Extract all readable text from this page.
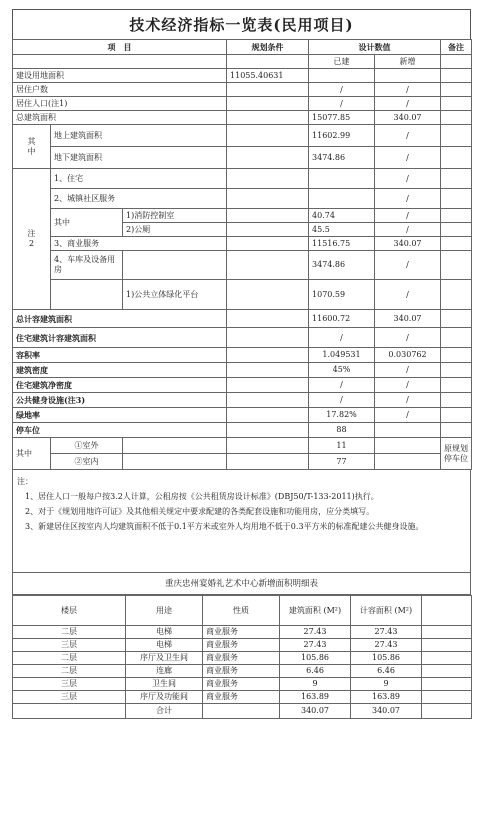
技术经济指标一览表(民用项目)
项　目			规划条件	设计数值		备注
				已建	新增	
建设用地面积			11055.40631			
居住户数				/	/	
居住人口(注1)				/	/	
总建筑面积				15077.85	340.07	
其
中	地上建筑面积			11602.99	/	
	地下建筑面积			3474.86	/	
注
2	1、住宅				/	
	2、城镇社区服务				/	
	其中	1)消防控制室		40.74	/	
		2)公厕		45.5	/	
	3、商业服务			11516.75	340.07	
	4、车库及设备用房			3474.86	/	
		1)公共立体绿化平台		1070.59	/	
总计容建筑面积				11600.72	340.07	
住宅建筑计容建筑面积				/	/	
容积率				1.049531	0.030762	
建筑密度				45%	/	
住宅建筑净密度				/	/	
公共健身设施(注3)				/	/	
绿地率				17.82%	/	
停车位				88		
其中	①室外			11		原规划停车位
	②室内			77		

注：

　1、居住人口一般每户按3.2人计算，公租房按《公共租赁房设计标准》(DBJ50/T-133-2011)执行。

　2、对于《规划用地许可证》及其他相关规定中要求配建的各类配套设施和功能用房，应分类填写。

　3、新建居住区按室内人均建筑面积不低于0.1平方米或室外人均用地不低于0.3平方米的标准配建公共健身设施。

重庆忠州宴婚礼艺术中心新增面积明细表
楼层	用途	性质	建筑面积 (M²)	计容面积 (M²)	
二层	电梯	商业服务	27.43	27.43	
三层	电梯	商业服务	27.43	27.43	
二层	序厅及卫生间	商业服务	105.86	105.86	
二层	连廊	商业服务	6.46	6.46	
三层	卫生间	商业服务	9	9	
三层	序厅及功能间	商业服务	163.89	163.89	
	合计		340.07	340.07	
